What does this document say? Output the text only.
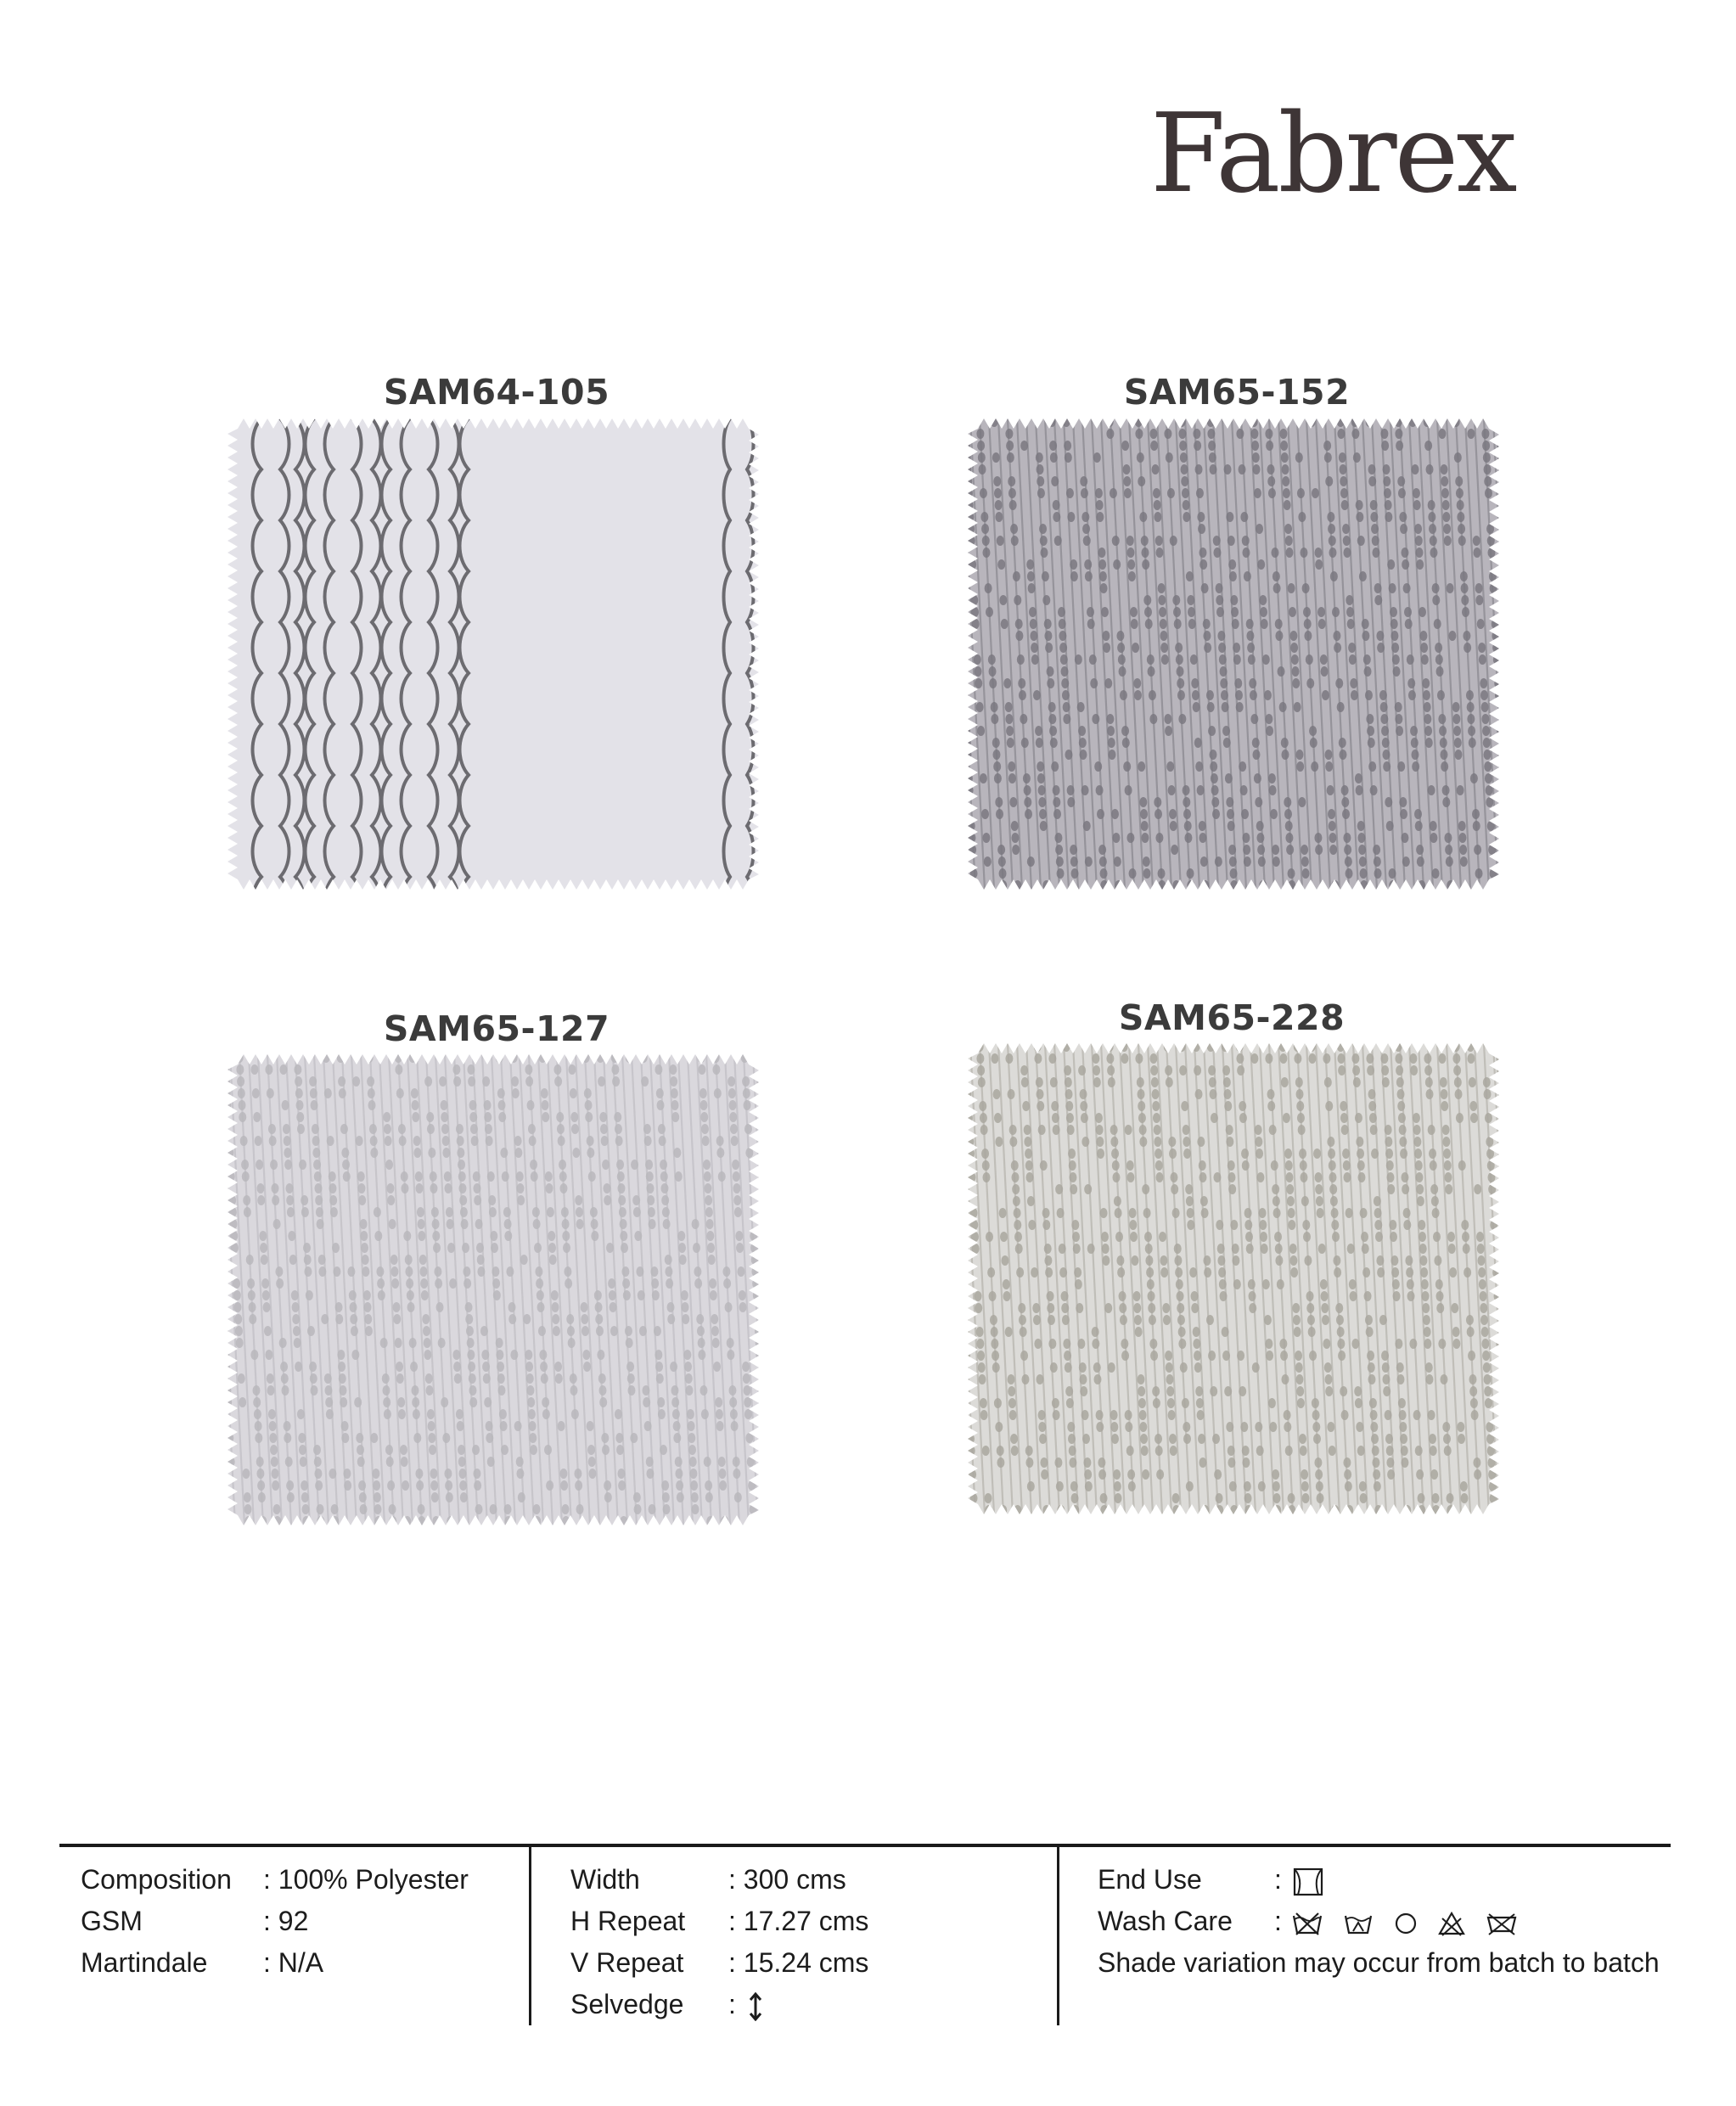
Fabrex
SAM64-105	SAM65-152
SAM65-127	SAM65-228
Composition : 100% Polyester
GSM	: 92
Martindale : N/A
Width	: 300 cms
H Repeat : 17.27 cms
V Repeat : 15.24 cms
Selvedge :
End Use	:
Wash Care :
Shade variation may occur from batch to batch
